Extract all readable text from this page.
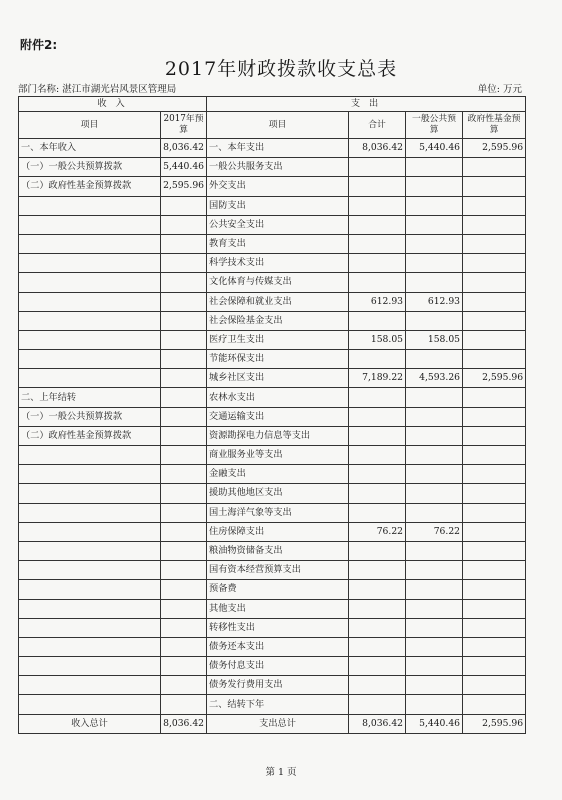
附件2:
2017年财政拨款收支总表
部门名称: 湛江市湖光岩风景区管理局	单位: 万元
收 入		支 出			
项目	2017年预算	项目	合计	一般公共预算	政府性基金预算
一、本年收入	8,036.42	一、本年支出	8,036.42	5,440.46	2,595.96
（一）一般公共预算拨款	5,440.46	一般公共服务支出			
（二）政府性基金预算拨款	2,595.96	外交支出			
		国防支出			
		公共安全支出			
		教育支出			
		科学技术支出			
		文化体育与传媒支出			
		社会保障和就业支出	612.93	612.93	
		社会保险基金支出			
		医疗卫生支出	158.05	158.05	
		节能环保支出			
		城乡社区支出	7,189.22	4,593.26	2,595.96
二、上年结转		农林水支出			
（一）一般公共预算拨款		交通运输支出			
（二）政府性基金预算拨款		资源勘探电力信息等支出			
		商业服务业等支出			
		金融支出			
		援助其他地区支出			
		国土海洋气象等支出			
		住房保障支出	76.22	76.22	
		粮油物资储备支出			
		国有资本经营预算支出			
		预备费			
		其他支出			
		转移性支出			
		债务还本支出			
		债务付息支出			
		债务发行费用支出			
		二、结转下年			
收入总计	8,036.42	支出总计	8,036.42	5,440.46	2,595.96
第 1 页
